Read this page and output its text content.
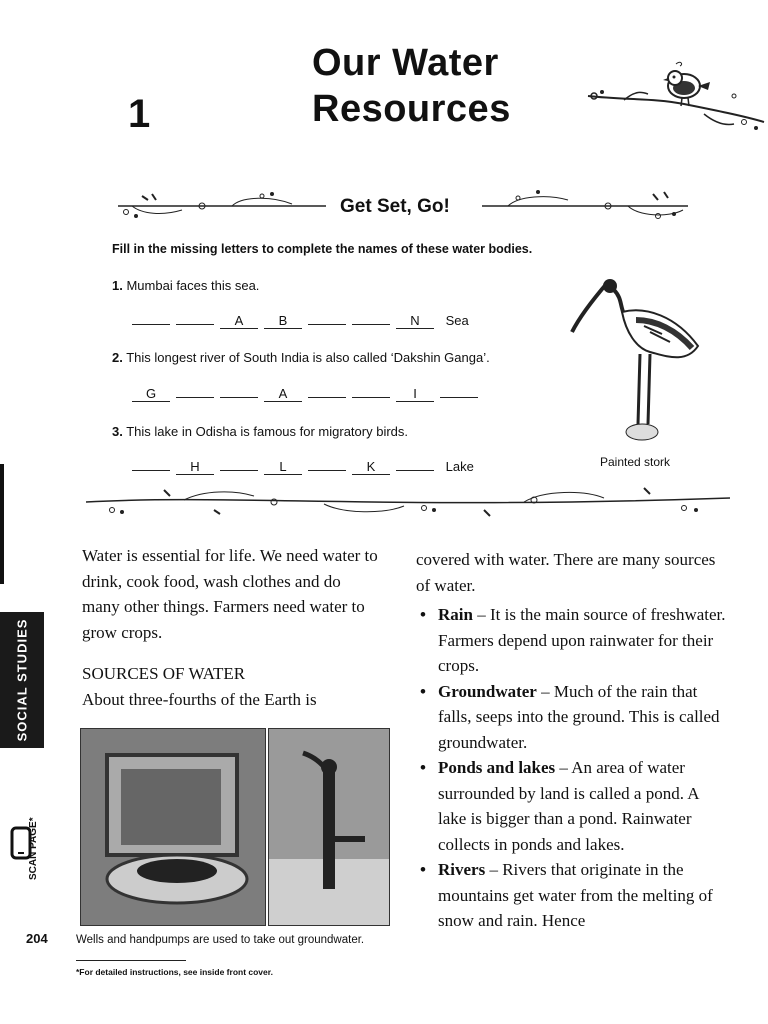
1
Our Water
Resources
Get Set, Go!
Fill in the missing letters to complete the names of these water bodies.
1. Mumbai faces this sea.
A	B	N Sea
2. This longest river of South India is also called ‘Dakshin Ganga’.
G	A	I
3. This lake in Odisha is famous for migratory birds.
H	L	K	Lake	Painted stork

Water is essential for life. We need water to drink, cook food, wash clothes and do many other things. Farmers need water to grow crops.

SOURCES OF WATER

About three-fourths of the Earth is

Wells and handpumps are used to take out groundwater.

covered with water. There are many sources of water.

• Rain – It is the main source of freshwater. Farmers depend upon rainwater for their crops.
• Groundwater – Much of the rain that falls, seeps into the ground. This is called groundwater.
• Ponds and lakes – An area of water surrounded by land is called a pond. A lake is bigger than a pond. Rainwater collects in ponds and lakes.
• Rivers – Rivers that originate in the mountains get water from the melting of snow and rain. Hence
SOCIAL STUDIES
SCAN PAGE*
204
*For detailed instructions, see inside front cover.
